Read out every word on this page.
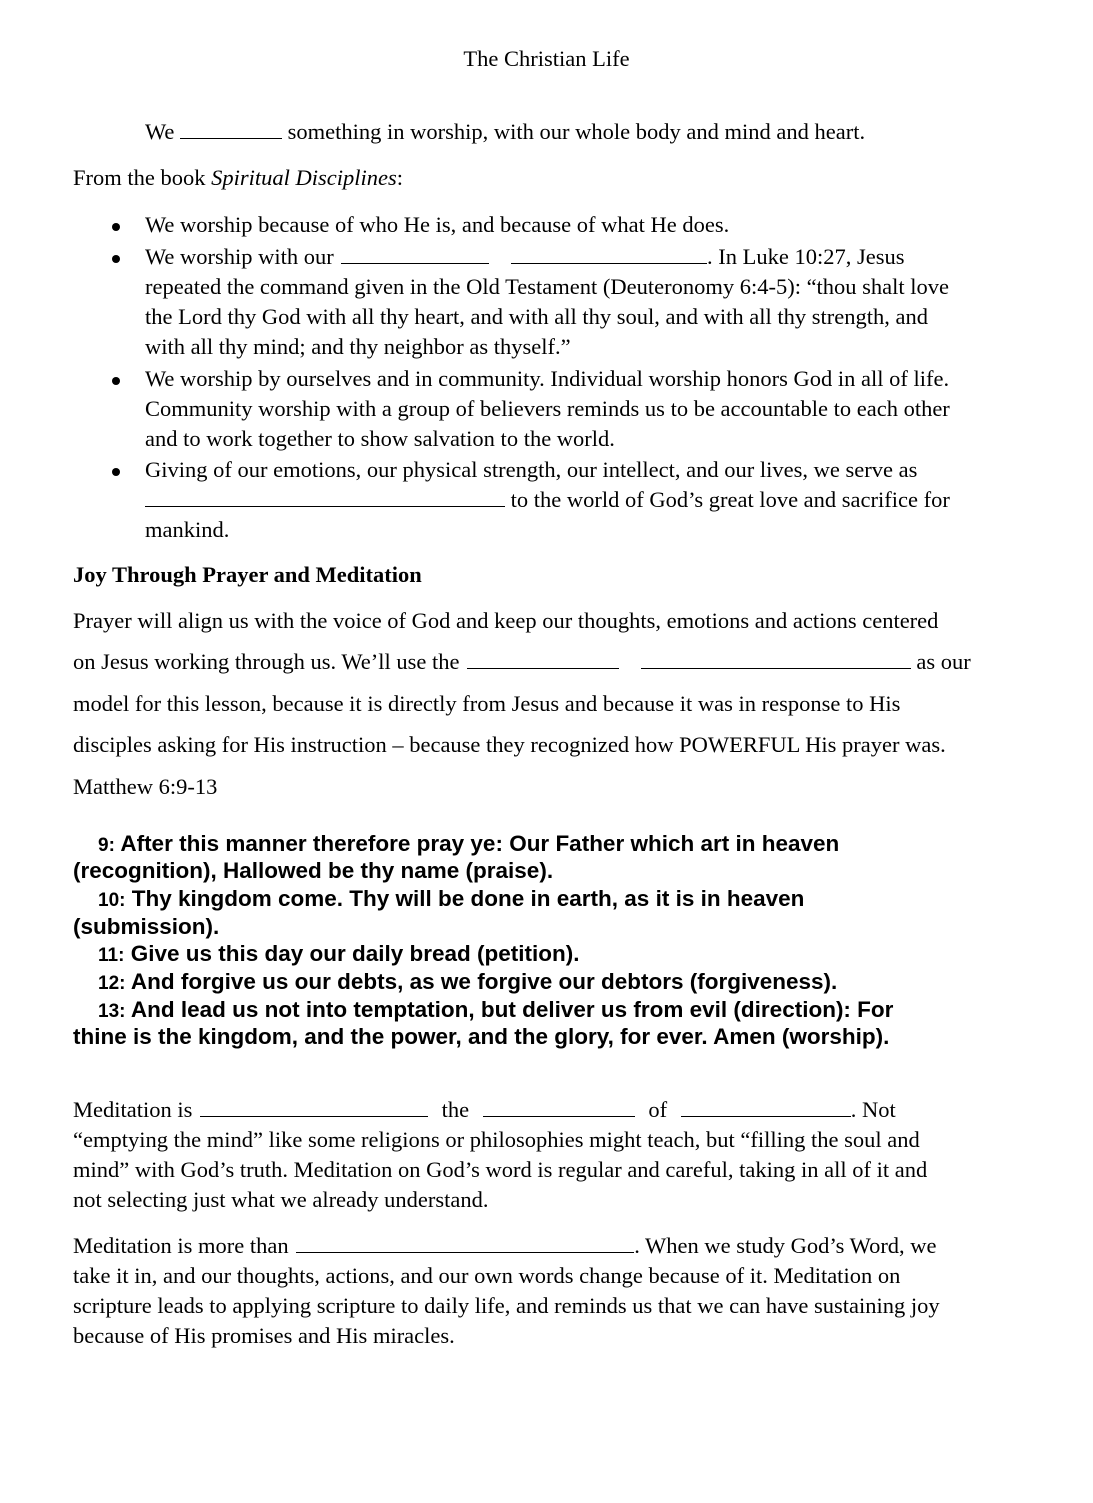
The Christian Life
We	something in worship, with our whole body and mind and heart.
From the book Spiritual Disciplines:
We worship because of who He is, and because of what He does.
We worship with our	. In Luke 10:27, Jesus
repeated the command given in the Old Testament (Deuteronomy 6:4-5): “thou shalt love
the Lord thy God with all thy heart, and with all thy soul, and with all thy strength, and
with all thy mind; and thy neighbor as thyself.”
We worship by ourselves and in community. Individual worship honors God in all of life.
Community worship with a group of believers reminds us to be accountable to each other
and to work together to show salvation to the world.
Giving of our emotions, our physical strength, our intellect, and our lives, we serve as
to the world of God’s great love and sacrifice for
mankind.
Joy Through Prayer and Meditation
Prayer will align us with the voice of God and keep our thoughts, emotions and actions centered
on Jesus working through us. We’ll use the	as our
model for this lesson, because it is directly from Jesus and because it was in response to His
disciples asking for His instruction – because they recognized how POWERFUL His prayer was.
Matthew 6:9-13
9: After this manner therefore pray ye: Our Father which art in heaven
(recognition), Hallowed be thy name (praise).
10: Thy kingdom come. Thy will be done in earth, as it is in heaven
(submission).
11: Give us this day our daily bread (petition).
12: And forgive us our debts, as we forgive our debtors (forgiveness).
13: And lead us not into temptation, but deliver us from evil (direction): For
thine is the kingdom, and the power, and the glory, for ever. Amen (worship).
Meditation is	the	of	. Not
“emptying the mind” like some religions or philosophies might teach, but “filling the soul and
mind” with God’s truth. Meditation on God’s word is regular and careful, taking in all of it and
not selecting just what we already understand.
Meditation is more than	. When we study God’s Word, we
take it in, and our thoughts, actions, and our own words change because of it. Meditation on
scripture leads to applying scripture to daily life, and reminds us that we can have sustaining joy
because of His promises and His miracles.
